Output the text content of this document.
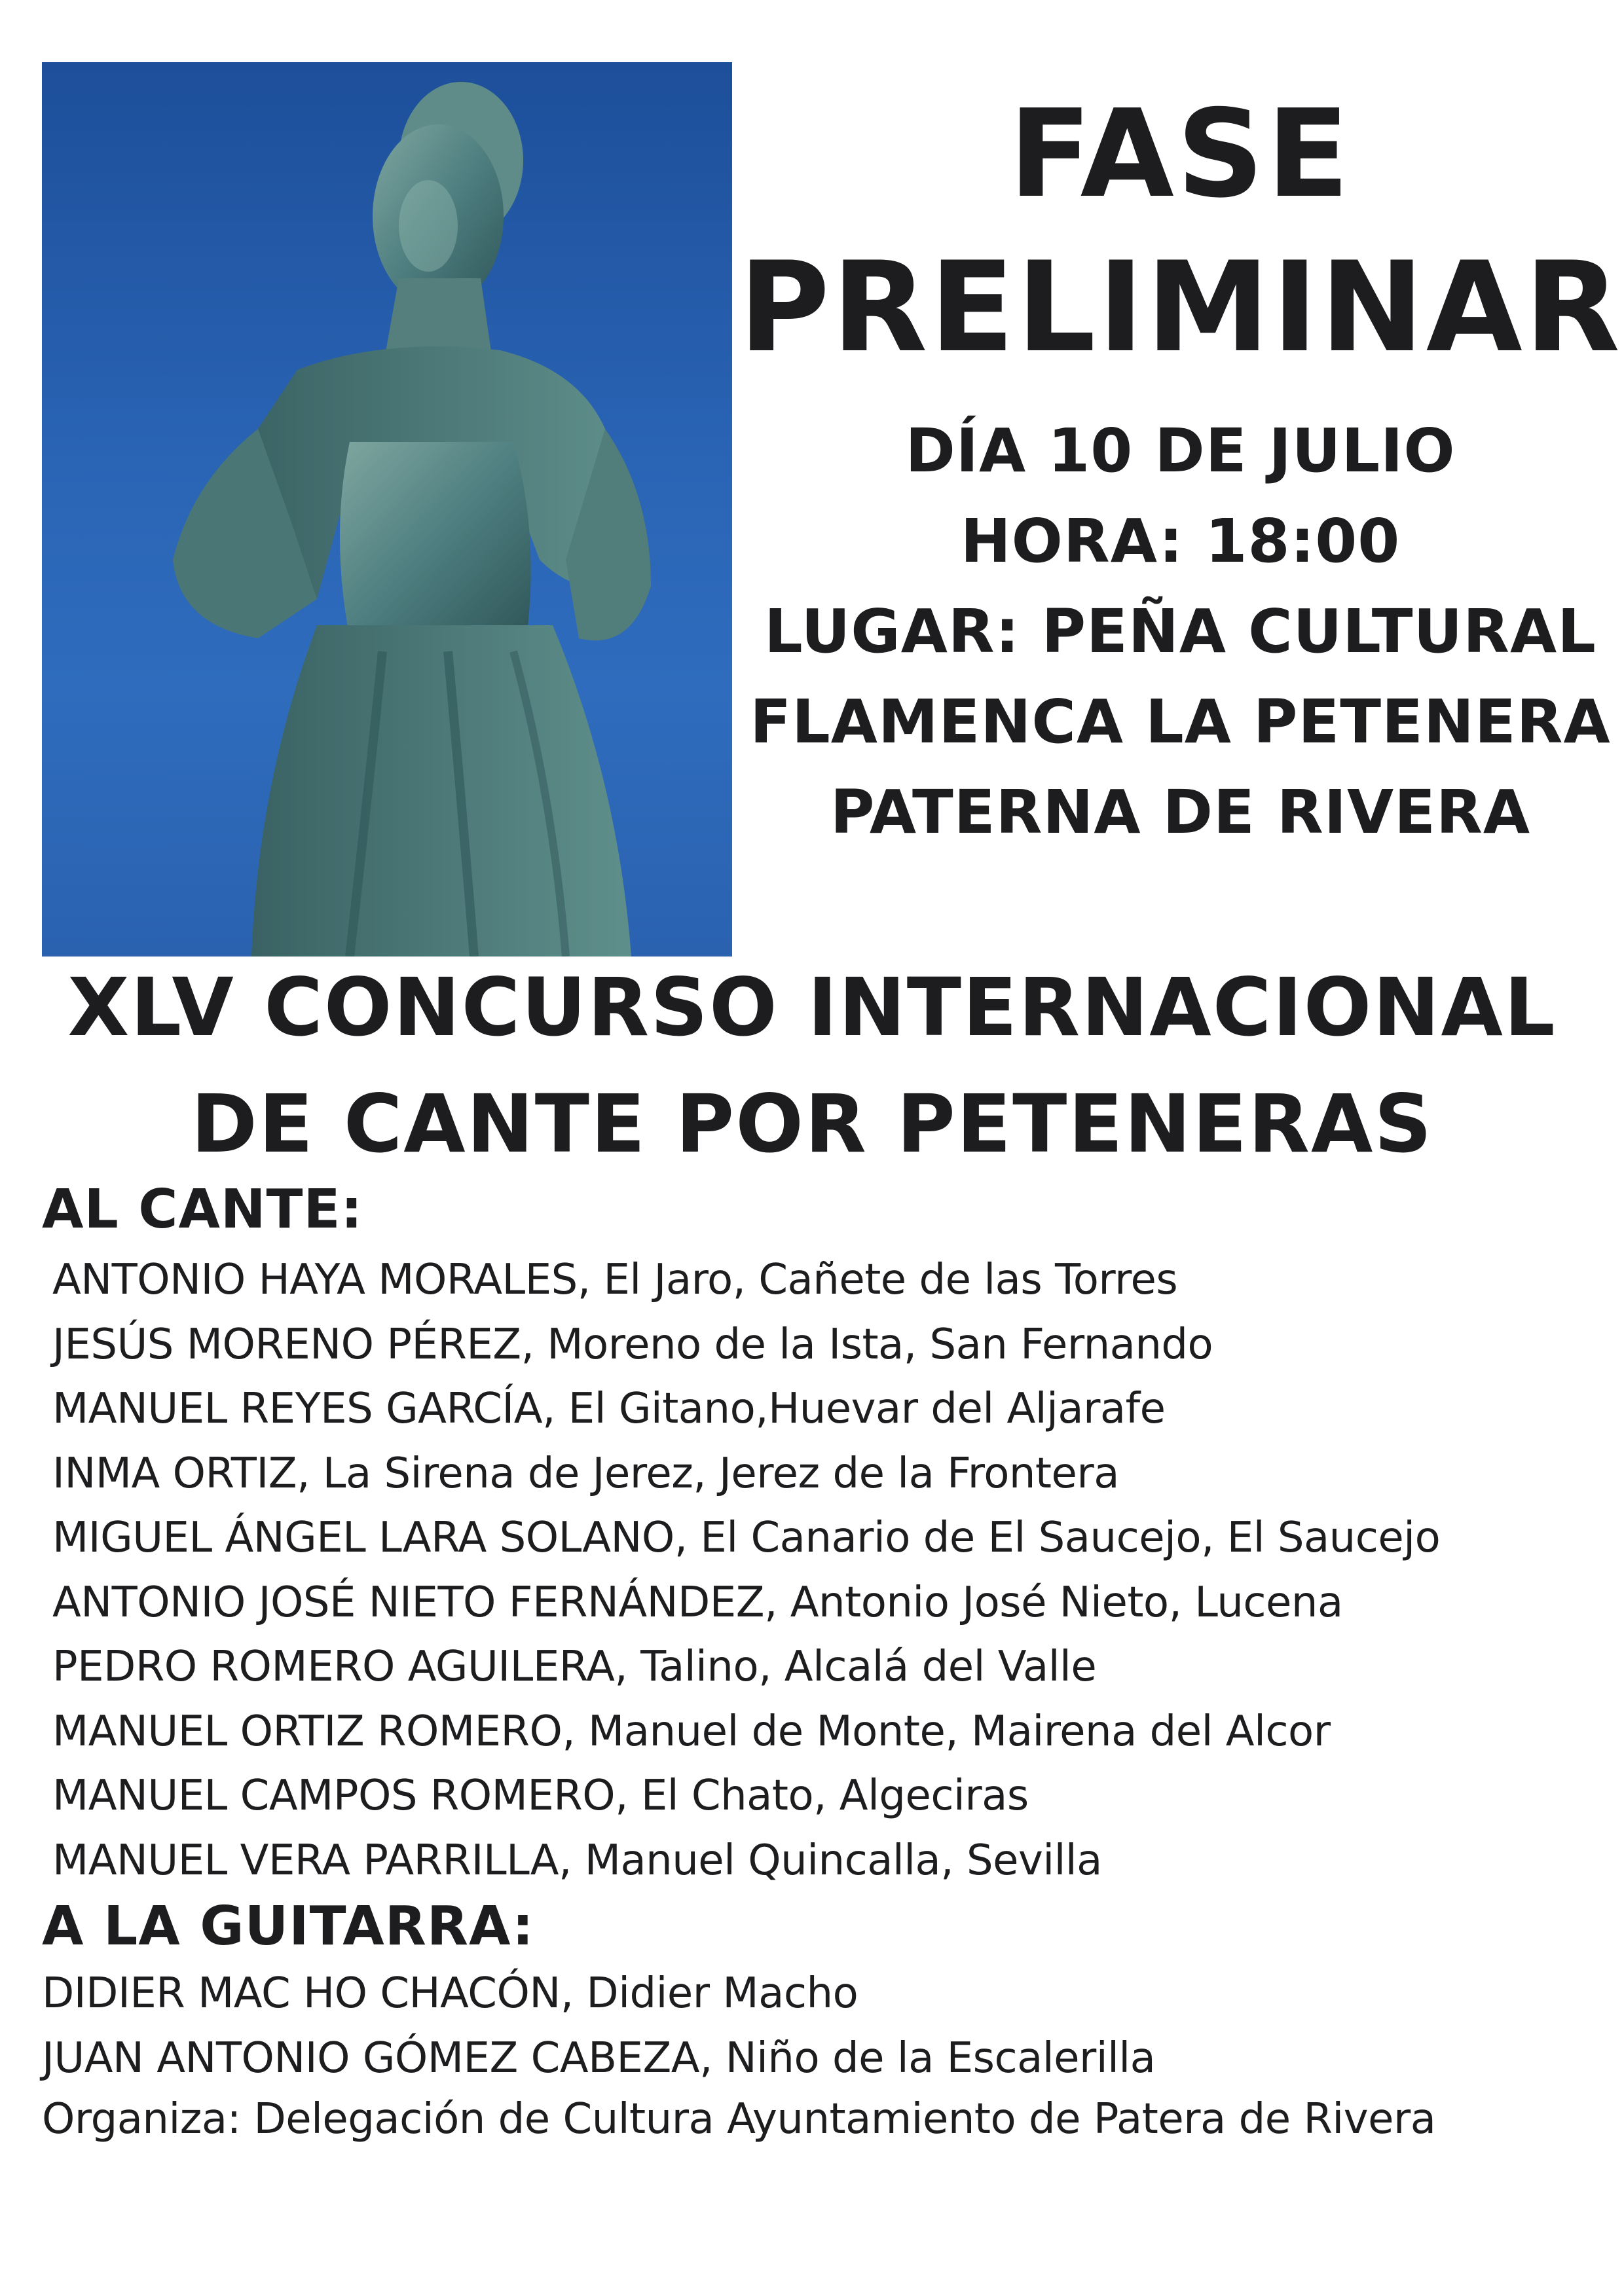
FASE
PRELIMINAR
DÍA 10 DE JULIO
HORA: 18:00
LUGAR: PEÑA CULTURAL
FLAMENCA LA PETENERA
PATERNA DE RIVERA
XLV CONCURSO INTERNACIONAL
DE CANTE POR PETENERAS
AL CANTE:
ANTONIO HAYA MORALES, El Jaro, Cañete de las Torres
JESÚS MORENO PÉREZ, Moreno de la Ista, San Fernando
MANUEL REYES GARCÍA, El Gitano,Huevar del Aljarafe
INMA ORTIZ, La Sirena de Jerez, Jerez de la Frontera
MIGUEL ÁNGEL LARA SOLANO, El Canario de El Saucejo, El Saucejo
ANTONIO JOSÉ NIETO FERNÁNDEZ, Antonio José Nieto, Lucena
PEDRO ROMERO AGUILERA, Talino, Alcalá del Valle
MANUEL ORTIZ ROMERO, Manuel de Monte, Mairena del Alcor
MANUEL CAMPOS ROMERO, El Chato, Algeciras
MANUEL VERA PARRILLA, Manuel Quincalla, Sevilla
A LA GUITARRA:
DIDIER MAC HO CHACÓN, Didier Macho
JUAN ANTONIO GÓMEZ CABEZA, Niño de la Escalerilla
Organiza: Delegación de Cultura Ayuntamiento de Patera de Rivera
